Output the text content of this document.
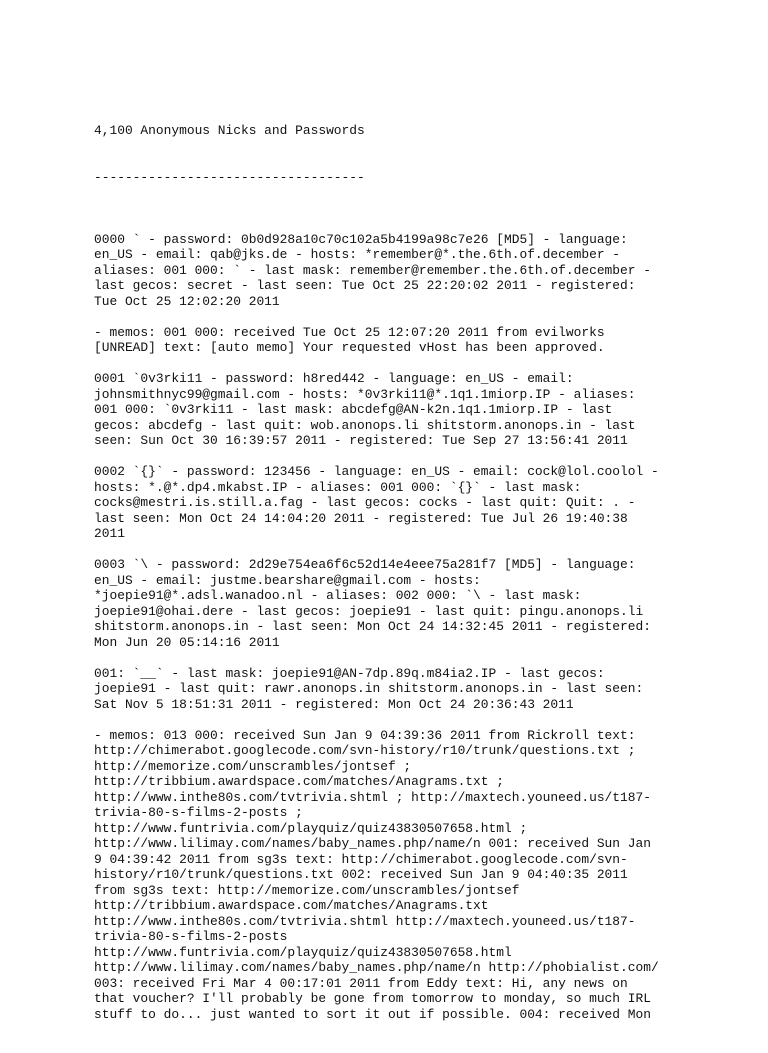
4,100 Anonymous Nicks and Passwords

-----------------------------------

0000 ` - password: 0b0d928a10c70c102a5b4199a98c7e26 [MD5] - language:

en_US - email: qab@jks.de - hosts: *remember@*.the.6th.of.december -

aliases: 001 000: ` - last mask: remember@remember.the.6th.of.december -

last gecos: secret - last seen: Tue Oct 25 22:20:02 2011 - registered:

Tue Oct 25 12:02:20 2011

- memos: 001 000: received Tue Oct 25 12:07:20 2011 from evilworks

[UNREAD] text: [auto memo] Your requested vHost has been approved.

0001 `0v3rki11 - password: h8red442 - language: en_US - email:

johnsmithnyc99@gmail.com - hosts: *0v3rki11@*.1q1.1miorp.IP - aliases:

001 000: `0v3rki11 - last mask: abcdefg@AN-k2n.1q1.1miorp.IP - last

gecos: abcdefg - last quit: wob.anonops.li shitstorm.anonops.in - last

seen: Sun Oct 30 16:39:57 2011 - registered: Tue Sep 27 13:56:41 2011

0002 `{}` - password: 123456 - language: en_US - email: cock@lol.coolol -

hosts: *.@*.dp4.mkabst.IP - aliases: 001 000: `{}` - last mask:

cocks@mestri.is.still.a.fag - last gecos: cocks - last quit: Quit: . -

last seen: Mon Oct 24 14:04:20 2011 - registered: Tue Jul 26 19:40:38

2011

0003 `\ - password: 2d29e754ea6f6c52d14e4eee75a281f7 [MD5] - language:

en_US - email: justme.bearshare@gmail.com - hosts:

*joepie91@*.adsl.wanadoo.nl - aliases: 002 000: `\ - last mask:

joepie91@ohai.dere - last gecos: joepie91 - last quit: pingu.anonops.li

shitstorm.anonops.in - last seen: Mon Oct 24 14:32:45 2011 - registered:

Mon Jun 20 05:14:16 2011

001: `__` - last mask: joepie91@AN-7dp.89q.m84ia2.IP - last gecos:

joepie91 - last quit: rawr.anonops.in shitstorm.anonops.in - last seen:

Sat Nov 5 18:51:31 2011 - registered: Mon Oct 24 20:36:43 2011

- memos: 013 000: received Sun Jan 9 04:39:36 2011 from Rickroll text:

http://chimerabot.googlecode.com/svn-history/r10/trunk/questions.txt ;

http://memorize.com/unscrambles/jontsef ;

http://tribbium.awardspace.com/matches/Anagrams.txt ;

http://www.inthe80s.com/tvtrivia.shtml ; http://maxtech.youneed.us/t187-

trivia-80-s-films-2-posts ;

http://www.funtrivia.com/playquiz/quiz43830507658.html ;

http://www.lilimay.com/names/baby_names.php/name/n 001: received Sun Jan

9 04:39:42 2011 from sg3s text: http://chimerabot.googlecode.com/svn-

history/r10/trunk/questions.txt 002: received Sun Jan 9 04:40:35 2011

from sg3s text: http://memorize.com/unscrambles/jontsef

http://tribbium.awardspace.com/matches/Anagrams.txt

http://www.inthe80s.com/tvtrivia.shtml http://maxtech.youneed.us/t187-

trivia-80-s-films-2-posts

http://www.funtrivia.com/playquiz/quiz43830507658.html

http://www.lilimay.com/names/baby_names.php/name/n http://phobialist.com/

003: received Fri Mar 4 00:17:01 2011 from Eddy text: Hi, any news on

that voucher? I'll probably be gone from tomorrow to monday, so much IRL

stuff to do... just wanted to sort it out if possible. 004: received Mon
